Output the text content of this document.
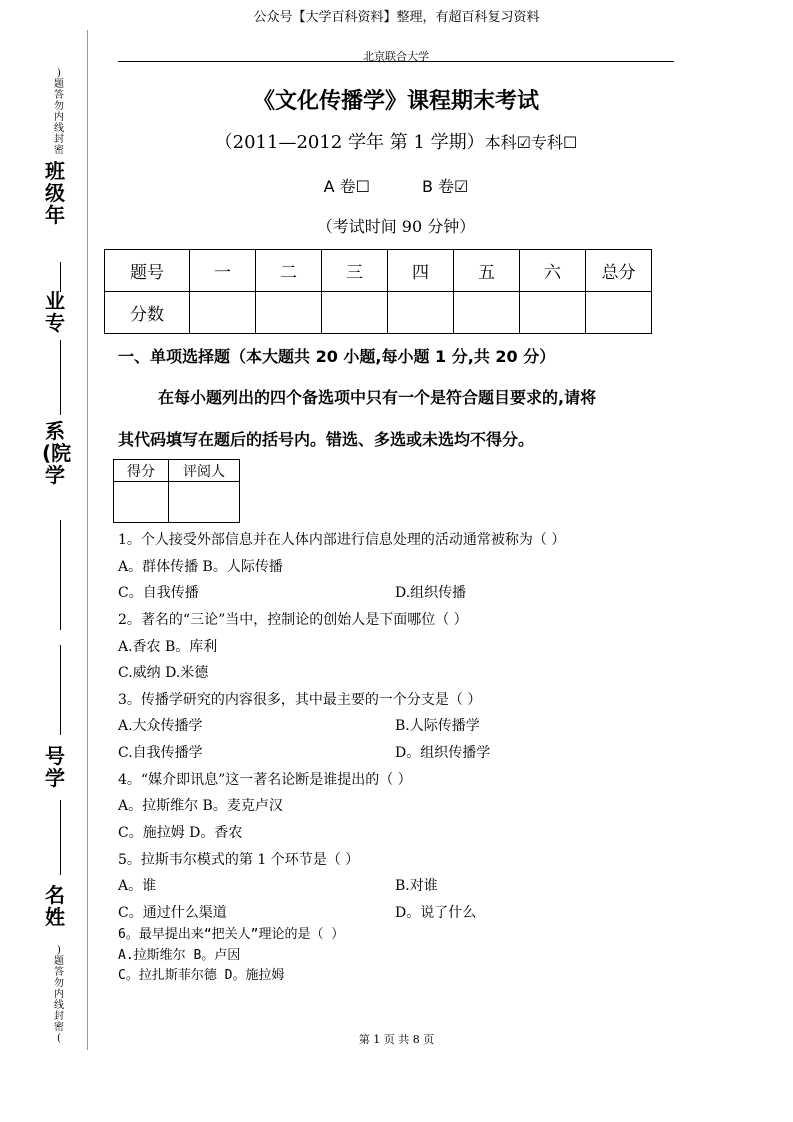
公众号【大学百科资料】整理，有超百科复习资料
北京联合大学
)题答勿内线封密
班级年
业专
系(院学
号学
名姓
)题答勿内线封密(
《文化传播学》课程期末考试
（2011—2012 学年 第 1 学期）本科☑专科☐
A 卷☐	B 卷☑
（考试时间 90 分钟）
题号	一	二	三	四	五	六	总分
分数							
一、单项选择题（本大题共 20 小题,每小题 1 分,共 20 分）
在每小题列出的四个备选项中只有一个是符合题目要求的,请将
其代码填写在题后的括号内。错选、多选或未选均不得分。
得分	评阅人

1。个人接受外部信息并在人体内部进行信息处理的活动通常被称为（ ）
A。群体传播 B。人际传播
C。自我传播	D.组织传播
2。著名的“三论”当中，控制论的创始人是下面哪位（ ）
A.香农 B。库利
C.威纳 D.米德
3。传播学研究的内容很多，其中最主要的一个分支是（ ）
A.大众传播学	B.人际传播学
C.自我传播学	D。组织传播学
4。“媒介即讯息”这一著名论断是谁提出的（ ）
A。拉斯维尔 B。麦克卢汉
C。施拉姆 D。香农
5。拉斯韦尔模式的第 1 个环节是（ ）
A。谁	B.对谁
C。通过什么渠道	D。说了什么
6。最早提出来“把关人”理论的是（ ）
A.拉斯维尔 B。卢因
C。拉扎斯菲尔德 D。施拉姆
第 1 页 共 8 页
